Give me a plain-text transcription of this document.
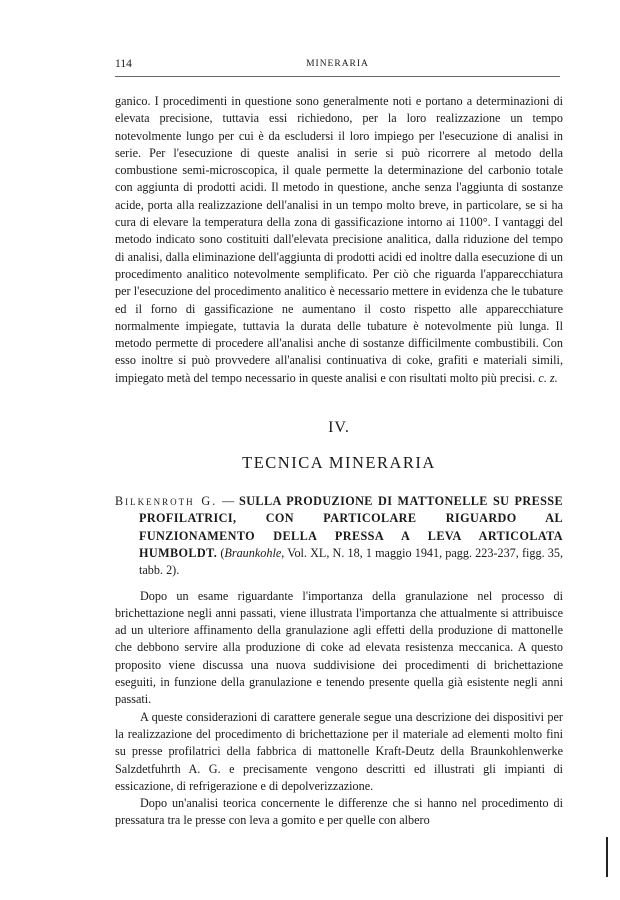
114	MINERARIA

ganico. I procedimenti in questione sono generalmente noti e portano a determinazioni di elevata precisione, tuttavia essi richiedono, per la loro realizzazione un tempo notevolmente lungo per cui è da escludersi il loro impiego per l'esecuzione di analisi in serie. Per l'esecuzione di queste analisi in serie si può ricorrere al metodo della combustione semi-microscopica, il quale permette la determinazione del carbonio totale con aggiunta di prodotti acidi. Il metodo in questione, anche senza l'aggiunta di sostanze acide, porta alla realizzazione dell'analisi in un tempo molto breve, in particolare, se si ha cura di elevare la temperatura della zona di gassificazione intorno ai 1100°. I vantaggi del metodo indicato sono costituiti dall'elevata precisione analitica, dalla riduzione del tempo di analisi, dalla eliminazione dell'aggiunta di prodotti acidi ed inoltre dalla esecuzione di un procedimento analitico notevolmente semplificato. Per ciò che riguarda l'apparecchiatura per l'esecuzione del procedimento analitico è necessario mettere in evidenza che le tubature ed il forno di gassificazione ne aumentano il costo rispetto alle apparecchiature normalmente impiegate, tuttavia la durata delle tubature è notevolmente più lunga. Il metodo permette di procedere all'analisi anche di sostanze difficilmente combustibili. Con esso inoltre si può provvedere all'analisi continuativa di coke, grafiti e materiali simili, impiegato metà del tempo necessario in queste analisi e con risultati molto più precisi. c. z.

IV.
TECNICA MINERARIA
Bilkenroth G. — SULLA PRODUZIONE DI MATTONELLE SU PRESSE PROFILATRICI, CON PARTICOLARE RIGUARDO AL FUNZIONAMENTO DELLA PRESSA A LEVA ARTICOLATA HUMBOLDT. (Braunkohle, Vol. XL, N. 18, 1 maggio 1941, pagg. 223-237, figg. 35, tabb. 2).

Dopo un esame riguardante l'importanza della granulazione nel processo di brichettazione negli anni passati, viene illustrata l'importanza che attualmente si attribuisce ad un ulteriore affinamento della granulazione agli effetti della produzione di mattonelle che debbono servire alla produzione di coke ad elevata resistenza meccanica. A questo proposito viene discussa una nuova suddivisione dei procedimenti di brichettazione eseguiti, in funzione della granulazione e tenendo presente quella già esistente negli anni passati.

A queste considerazioni di carattere generale segue una descrizione dei dispositivi per la realizzazione del procedimento di brichettazione per il materiale ad elementi molto fini su presse profilatrici della fabbrica di mattonelle Kraft-Deutz della Braunkohlenwerke Salzdetfuhrth A. G. e precisamente vengono descritti ed illustrati gli impianti di essicazione, di refrigerazione e di depolverizzazione.

Dopo un'analisi teorica concernente le differenze che si hanno nel procedimento di pressatura tra le presse con leva a gomito e per quelle con albero
